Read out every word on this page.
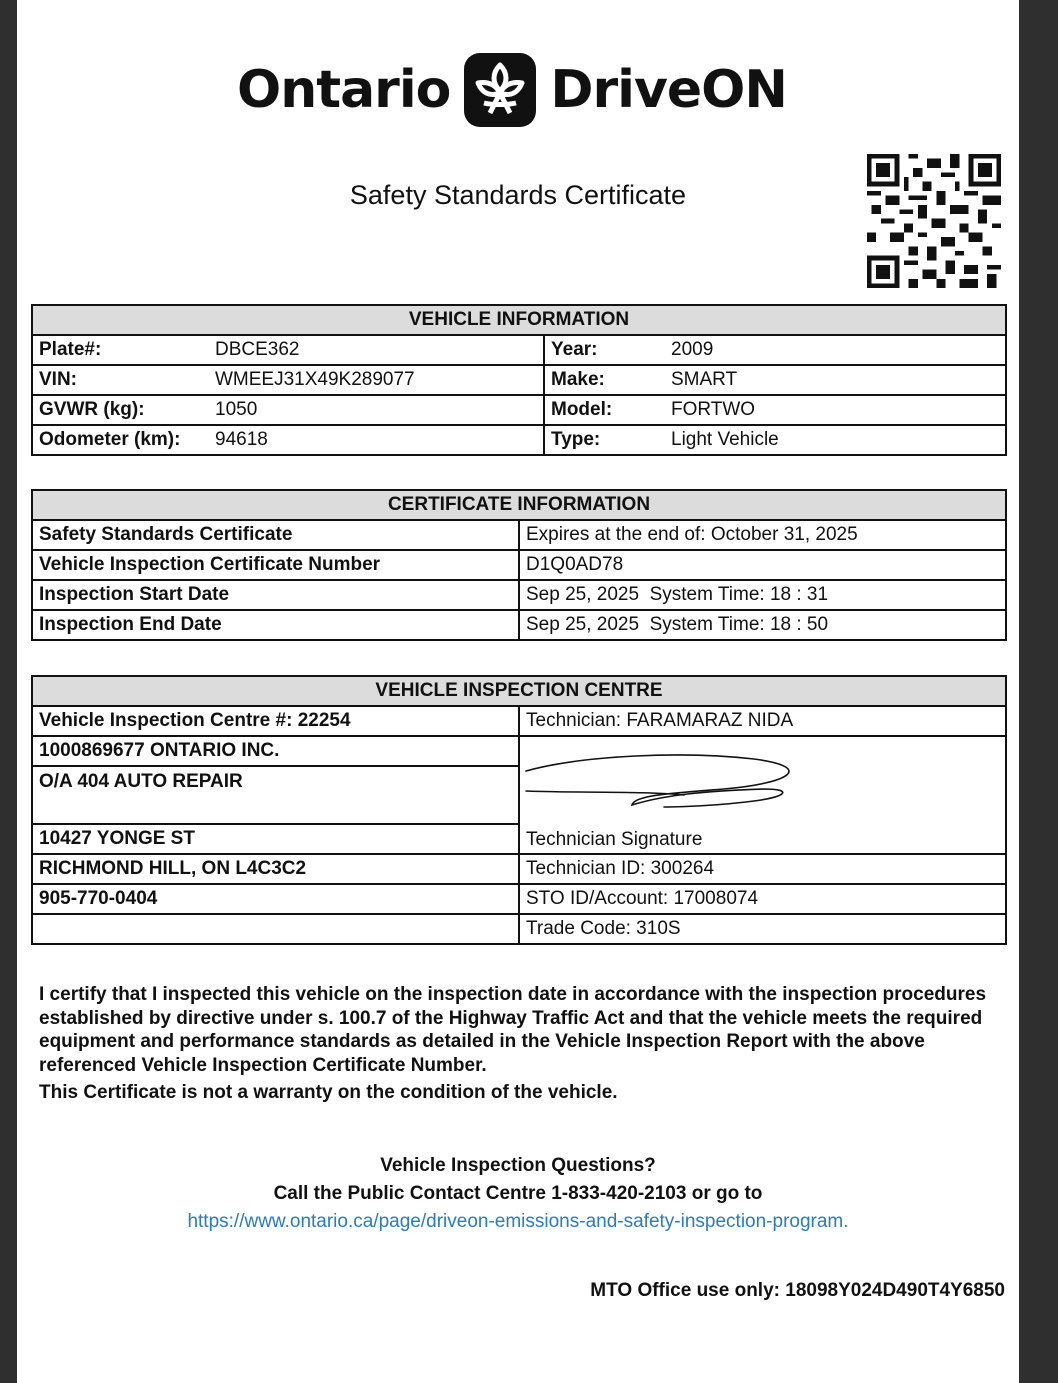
Ontario DriveON
Safety Standards Certificate
VEHICLE INFORMATION	

Plate#: DBCE362	Year: 2009

VIN: WMEEJ31X49K289077	Make: SMART

GVWR (kg): 1050	Model: FORTWO

Odometer (km): 94618	Type: Light Vehicle
CERTIFICATE INFORMATION	
Safety Standards Certificate	Expires at the end of: October 31, 2025
Vehicle Inspection Certificate Number	D1Q0AD78
Inspection Start Date	Sep 25, 2025  System Time: 18 : 31
Inspection End Date	Sep 25, 2025  System Time: 18 : 50
VEHICLE INSPECTION CENTRE	
Vehicle Inspection Centre #: 22254	Technician: FARAMARAZ NIDA
1000869677 ONTARIO INC.	Technician Signature
O/A 404 AUTO REPAIR	
10427 YONGE ST	
RICHMOND HILL, ON L4C3C2	Technician ID: 300264
905-770-0404	STO ID/Account: 17008074
	Trade Code: 310S

I certify that I inspected this vehicle on the inspection date in accordance with the inspection procedures established by directive under s. 100.7 of the Highway Traffic Act and that the vehicle meets the required equipment and performance standards as detailed in the Vehicle Inspection Report with the above referenced Vehicle Inspection Certificate Number.

This Certificate is not a warranty on the condition of the vehicle.

Vehicle Inspection Questions?
Call the Public Contact Centre 1-833-420-2103 or go to
https://www.ontario.ca/page/driveon-emissions-and-safety-inspection-program.
MTO Office use only: 18098Y024D490T4Y6850
